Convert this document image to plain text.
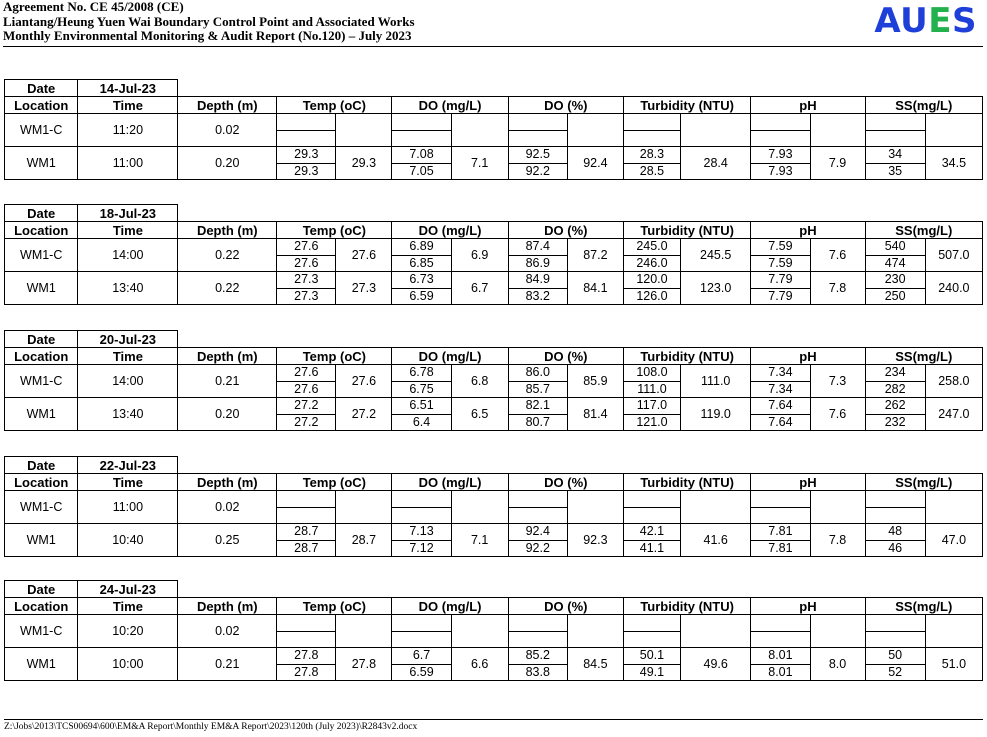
Agreement No. CE 45/2008 (CE)
Liantang/Heung Yuen Wai Boundary Control Point and Associated Works
Monthly Environmental Monitoring & Audit Report (No.120) – July 2023	AUES
Date	14-Jul-23													
Location	Time	Depth (m)	Temp (oC)		DO (mg/L)		DO (%)		Turbidity (NTU)		pH		SS(mg/L)	
WM1-C	11:20	0.02												

WM1	11:00	0.20	29.3	29.3	7.08	7.1	92.5	92.4	28.3	28.4	7.93	7.9	34	34.5
			29.3		7.05		92.2		28.5		7.93		35	
Date	18-Jul-23													
Location	Time	Depth (m)	Temp (oC)		DO (mg/L)		DO (%)		Turbidity (NTU)		pH		SS(mg/L)	
WM1-C	14:00	0.22	27.6	27.6	6.89	6.9	87.4	87.2	245.0	245.5	7.59	7.6	540	507.0
			27.6		6.85		86.9		246.0		7.59		474	
WM1	13:40	0.22	27.3	27.3	6.73	6.7	84.9	84.1	120.0	123.0	7.79	7.8	230	240.0
			27.3		6.59		83.2		126.0		7.79		250	
Date	20-Jul-23													
Location	Time	Depth (m)	Temp (oC)		DO (mg/L)		DO (%)		Turbidity (NTU)		pH		SS(mg/L)	
WM1-C	14:00	0.21	27.6	27.6	6.78	6.8	86.0	85.9	108.0	111.0	7.34	7.3	234	258.0
			27.6		6.75		85.7		111.0		7.34		282	
WM1	13:40	0.20	27.2	27.2	6.51	6.5	82.1	81.4	117.0	119.0	7.64	7.6	262	247.0
			27.2		6.4		80.7		121.0		7.64		232	
Date	22-Jul-23													
Location	Time	Depth (m)	Temp (oC)		DO (mg/L)		DO (%)		Turbidity (NTU)		pH		SS(mg/L)	
WM1-C	11:00	0.02												

WM1	10:40	0.25	28.7	28.7	7.13	7.1	92.4	92.3	42.1	41.6	7.81	7.8	48	47.0
			28.7		7.12		92.2		41.1		7.81		46	
Date	24-Jul-23													
Location	Time	Depth (m)	Temp (oC)		DO (mg/L)		DO (%)		Turbidity (NTU)		pH		SS(mg/L)	
WM1-C	10:20	0.02												

WM1	10:00	0.21	27.8	27.8	6.7	6.6	85.2	84.5	50.1	49.6	8.01	8.0	50	51.0
			27.8		6.59		83.8		49.1		8.01		52	
Z:\Jobs\2013\TCS00694\600\EM&A Report\Monthly EM&A Report\2023\120th (July 2023)\R2843v2.docx
